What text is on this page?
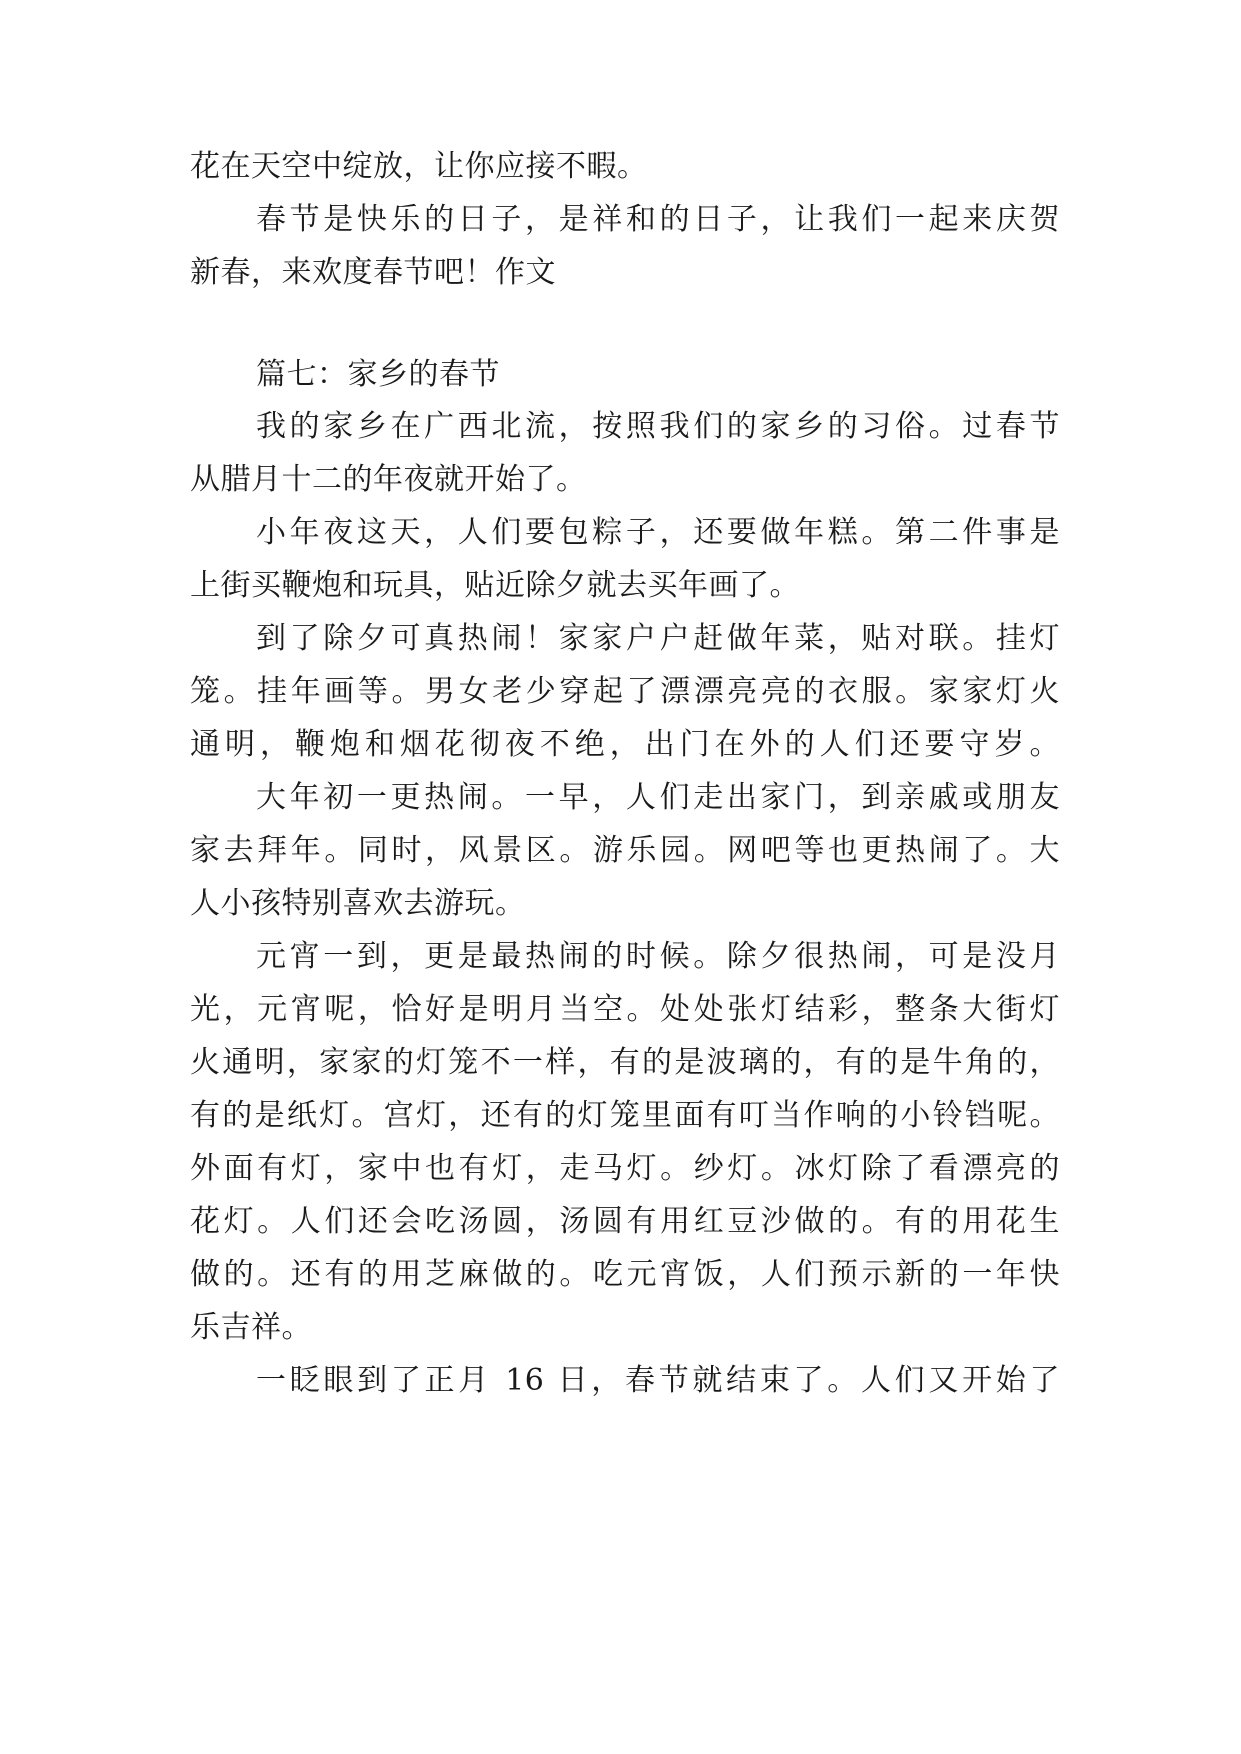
花在天空中绽放，让你应接不暇。
春节是快乐的日子，是祥和的日子，让我们一起来庆贺
新春，来欢度春节吧！作文
篇七：家乡的春节
我的家乡在广西北流，按照我们的家乡的习俗。过春节
从腊月十二的年夜就开始了。
小年夜这天，人们要包粽子，还要做年糕。第二件事是
上街买鞭炮和玩具，贴近除夕就去买年画了。
到了除夕可真热闹！家家户户赶做年菜，贴对联。挂灯
笼。挂年画等。男女老少穿起了漂漂亮亮的衣服。家家灯火
通明，鞭炮和烟花彻夜不绝，出门在外的人们还要守岁。
大年初一更热闹。一早，人们走出家门，到亲戚或朋友
家去拜年。同时，风景区。游乐园。网吧等也更热闹了。大
人小孩特别喜欢去游玩。
元宵一到，更是最热闹的时候。除夕很热闹，可是没月
光，元宵呢，恰好是明月当空。处处张灯结彩，整条大街灯
火通明，家家的灯笼不一样，有的是波璃的，有的是牛角的，
有的是纸灯。宫灯，还有的灯笼里面有叮当作响的小铃铛呢。
外面有灯，家中也有灯，走马灯。纱灯。冰灯除了看漂亮的
花灯。人们还会吃汤圆，汤圆有用红豆沙做的。有的用花生
做的。还有的用芝麻做的。吃元宵饭，人们预示新的一年快
乐吉祥。
一眨眼到了正月 16 日，春节就结束了。人们又开始了
